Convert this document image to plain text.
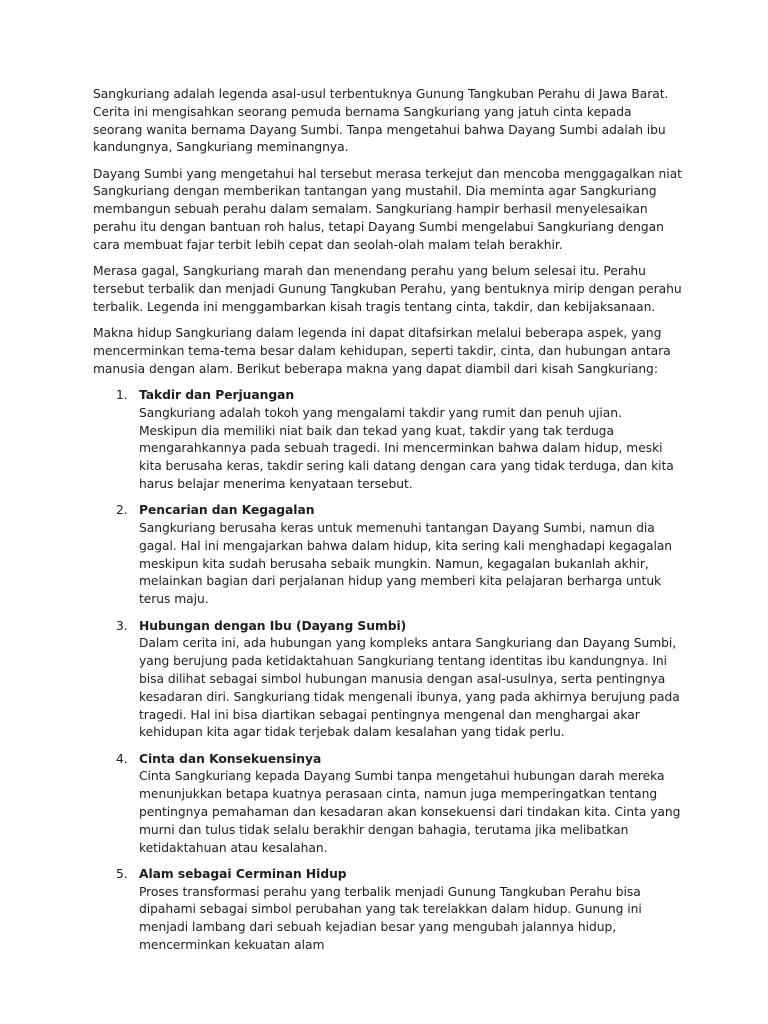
Sangkuriang adalah legenda asal-usul terbentuknya Gunung Tangkuban Perahu di Jawa Barat. Cerita ini mengisahkan seorang pemuda bernama Sangkuriang yang jatuh cinta kepada seorang wanita bernama Dayang Sumbi. Tanpa mengetahui bahwa Dayang Sumbi adalah ibu kandungnya, Sangkuriang meminangnya.

Dayang Sumbi yang mengetahui hal tersebut merasa terkejut dan mencoba menggagalkan niat Sangkuriang dengan memberikan tantangan yang mustahil. Dia meminta agar Sangkuriang membangun sebuah perahu dalam semalam. Sangkuriang hampir berhasil menyelesaikan perahu itu dengan bantuan roh halus, tetapi Dayang Sumbi mengelabui Sangkuriang dengan cara membuat fajar terbit lebih cepat dan seolah-olah malam telah berakhir.

Merasa gagal, Sangkuriang marah dan menendang perahu yang belum selesai itu. Perahu tersebut terbalik dan menjadi Gunung Tangkuban Perahu, yang bentuknya mirip dengan perahu terbalik. Legenda ini menggambarkan kisah tragis tentang cinta, takdir, dan kebijaksanaan.

Makna hidup Sangkuriang dalam legenda ini dapat ditafsirkan melalui beberapa aspek, yang mencerminkan tema-tema besar dalam kehidupan, seperti takdir, cinta, dan hubungan antara manusia dengan alam. Berikut beberapa makna yang dapat diambil dari kisah Sangkuriang:

1. Takdir dan Perjuangan
Sangkuriang adalah tokoh yang mengalami takdir yang rumit dan penuh ujian. Meskipun dia memiliki niat baik dan tekad yang kuat, takdir yang tak terduga mengarahkannya pada sebuah tragedi. Ini mencerminkan bahwa dalam hidup, meski kita berusaha keras, takdir sering kali datang dengan cara yang tidak terduga, dan kita harus belajar menerima kenyataan tersebut.
2. Pencarian dan Kegagalan
Sangkuriang berusaha keras untuk memenuhi tantangan Dayang Sumbi, namun dia gagal. Hal ini mengajarkan bahwa dalam hidup, kita sering kali menghadapi kegagalan meskipun kita sudah berusaha sebaik mungkin. Namun, kegagalan bukanlah akhir, melainkan bagian dari perjalanan hidup yang memberi kita pelajaran berharga untuk terus maju.
3. Hubungan dengan Ibu (Dayang Sumbi)
Dalam cerita ini, ada hubungan yang kompleks antara Sangkuriang dan Dayang Sumbi, yang berujung pada ketidaktahuan Sangkuriang tentang identitas ibu kandungnya. Ini bisa dilihat sebagai simbol hubungan manusia dengan asal-usulnya, serta pentingnya kesadaran diri. Sangkuriang tidak mengenali ibunya, yang pada akhirnya berujung pada tragedi. Hal ini bisa diartikan sebagai pentingnya mengenal dan menghargai akar kehidupan kita agar tidak terjebak dalam kesalahan yang tidak perlu.
4. Cinta dan Konsekuensinya
Cinta Sangkuriang kepada Dayang Sumbi tanpa mengetahui hubungan darah mereka menunjukkan betapa kuatnya perasaan cinta, namun juga memperingatkan tentang pentingnya pemahaman dan kesadaran akan konsekuensi dari tindakan kita. Cinta yang murni dan tulus tidak selalu berakhir dengan bahagia, terutama jika melibatkan ketidaktahuan atau kesalahan.
5. Alam sebagai Cerminan Hidup
Proses transformasi perahu yang terbalik menjadi Gunung Tangkuban Perahu bisa dipahami sebagai simbol perubahan yang tak terelakkan dalam hidup. Gunung ini menjadi lambang dari sebuah kejadian besar yang mengubah jalannya hidup, mencerminkan kekuatan alam
